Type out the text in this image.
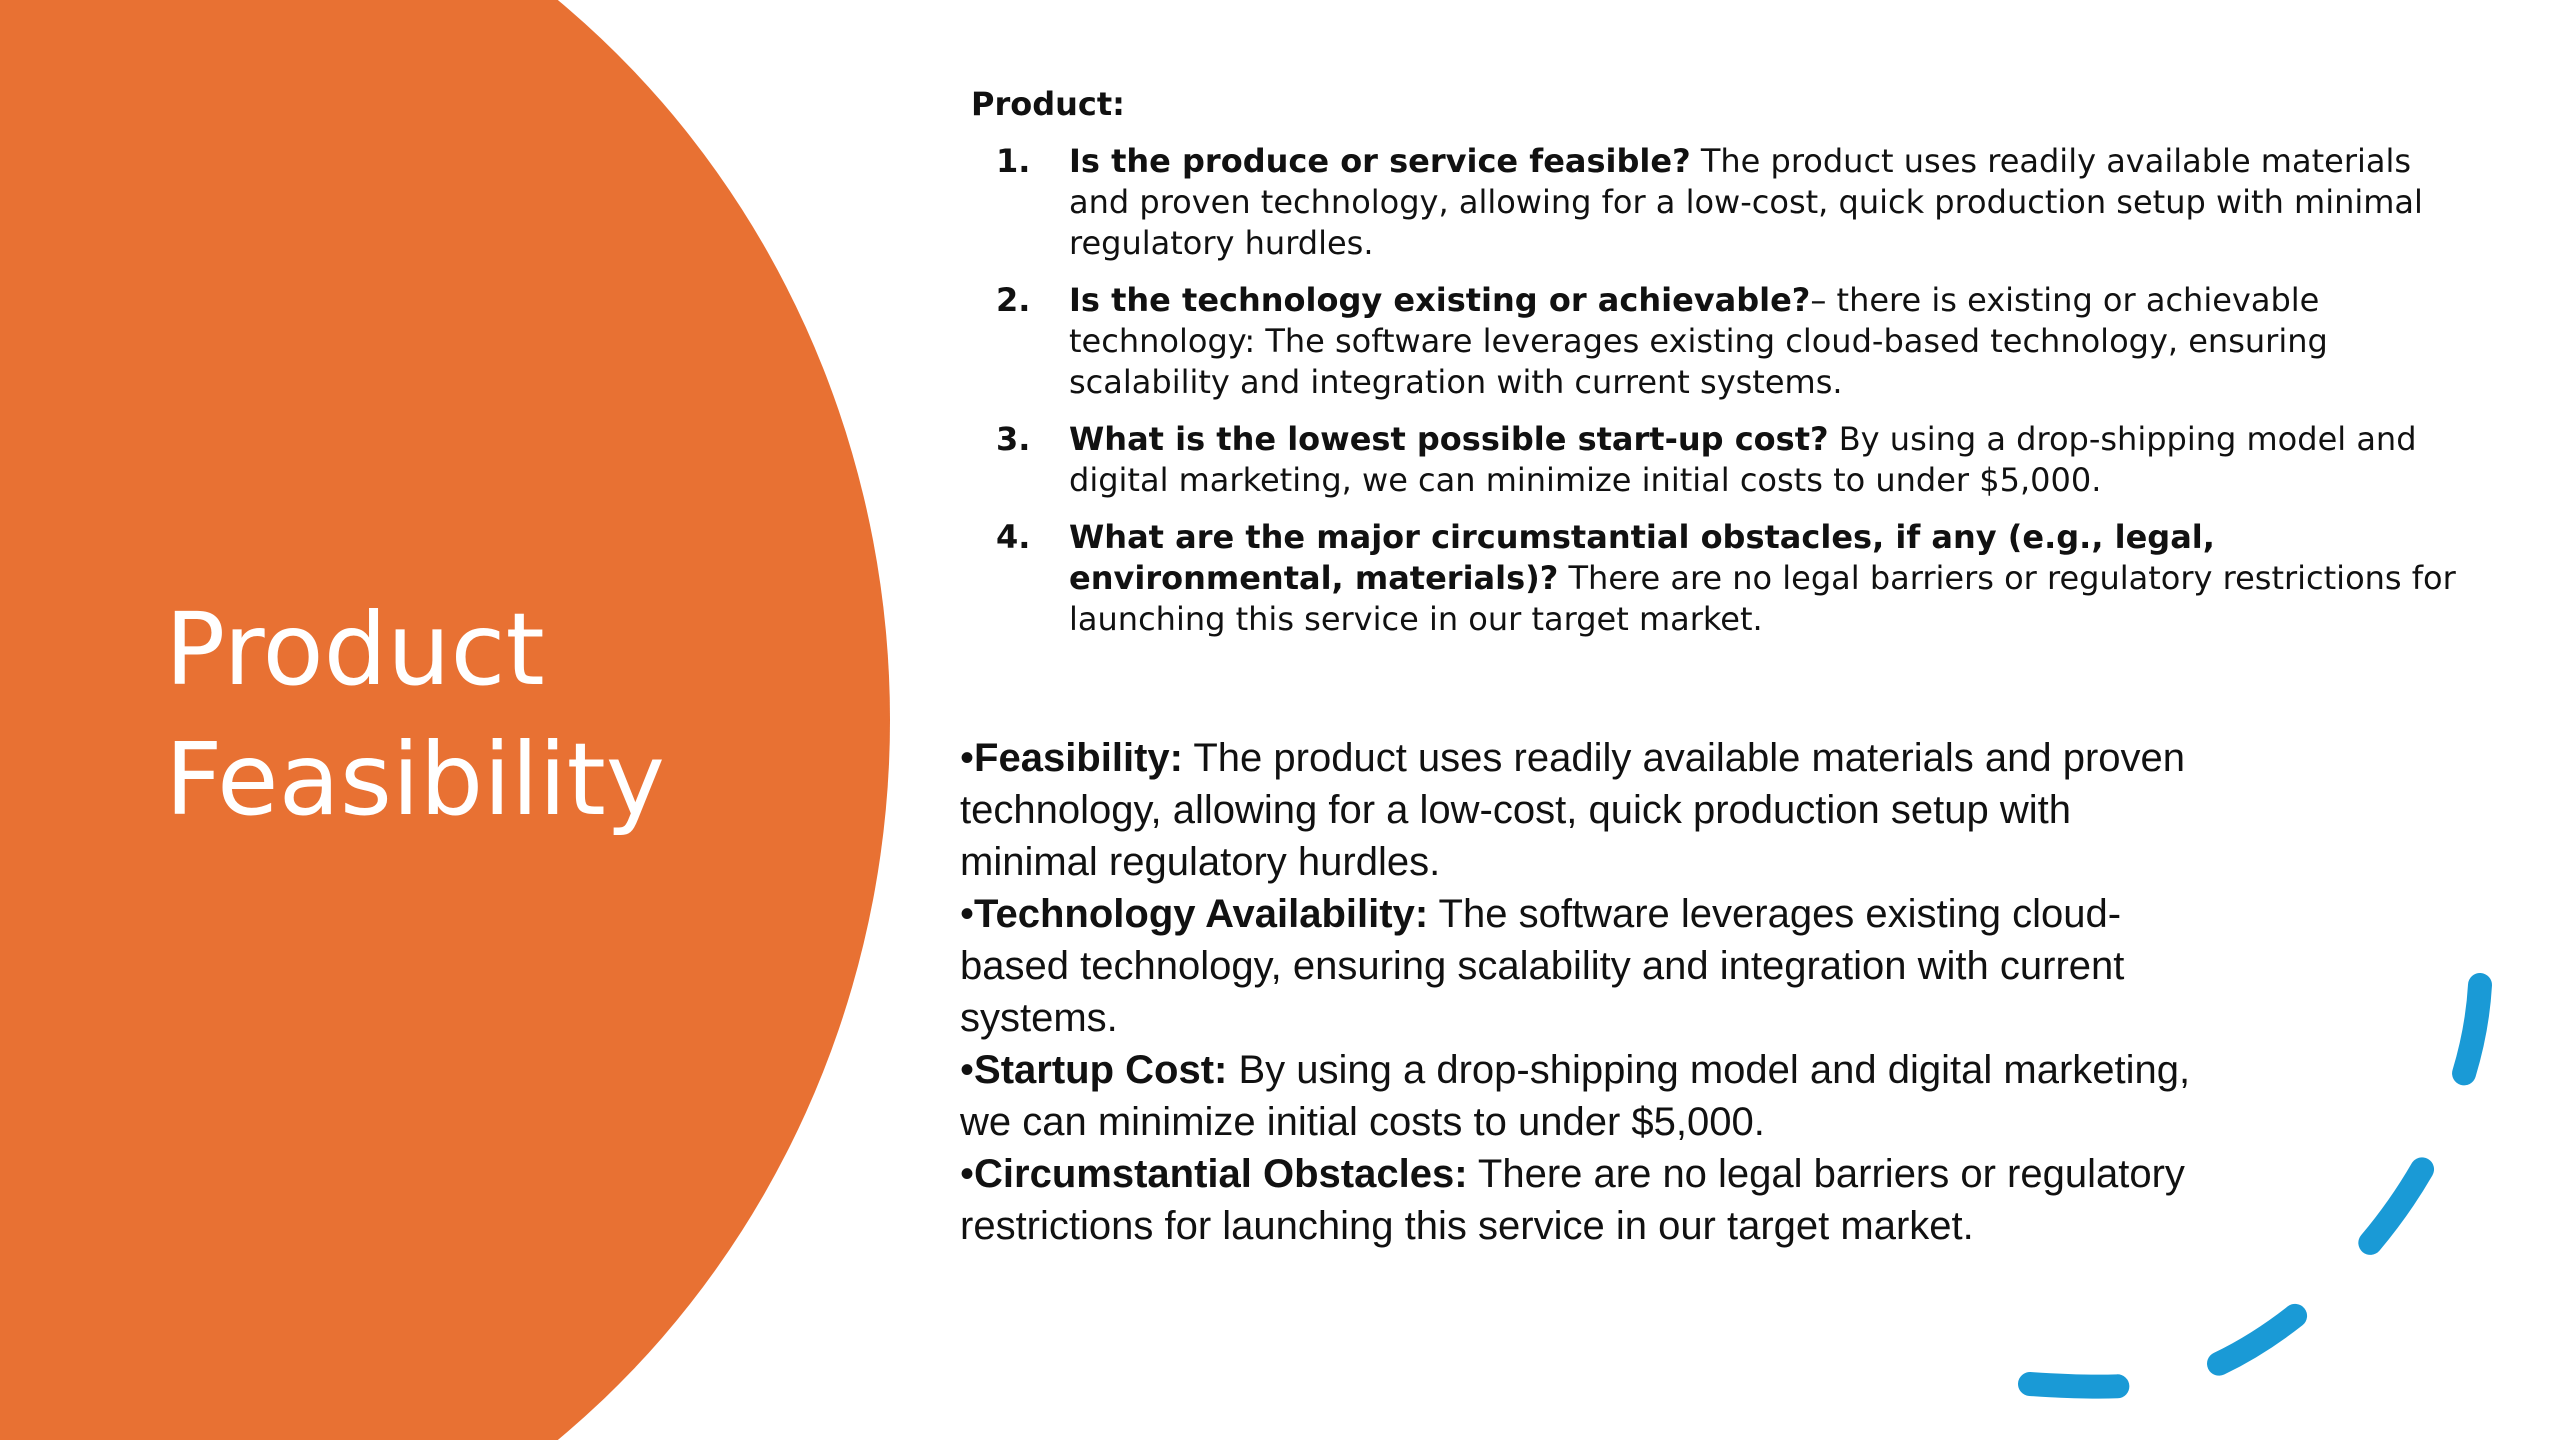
Product
Feasibility

Product:

1. Is the produce or service feasible? The product uses readily available materials and proven technology, allowing for a low-cost, quick production setup with minimal regulatory hurdles.
2. Is the technology existing or achievable?– there is existing or achievable technology: The software leverages existing cloud-based technology, ensuring scalability and integration with current systems.
3. What is the lowest possible start-up cost? By using a drop-shipping model and digital marketing, we can minimize initial costs to under $5,000.
4. What are the major circumstantial obstacles, if any (e.g., legal, environmental, materials)? There are no legal barriers or regulatory restrictions for launching this service in our target market.

•Feasibility: The product uses readily available materials and proven technology, allowing for a low-cost, quick production setup with minimal regulatory hurdles.

•Technology Availability: The software leverages existing cloud-based technology, ensuring scalability and integration with current systems.

•Startup Cost: By using a drop-shipping model and digital marketing, we can minimize initial costs to under $5,000.

•Circumstantial Obstacles: There are no legal barriers or regulatory restrictions for launching this service in our target market.
